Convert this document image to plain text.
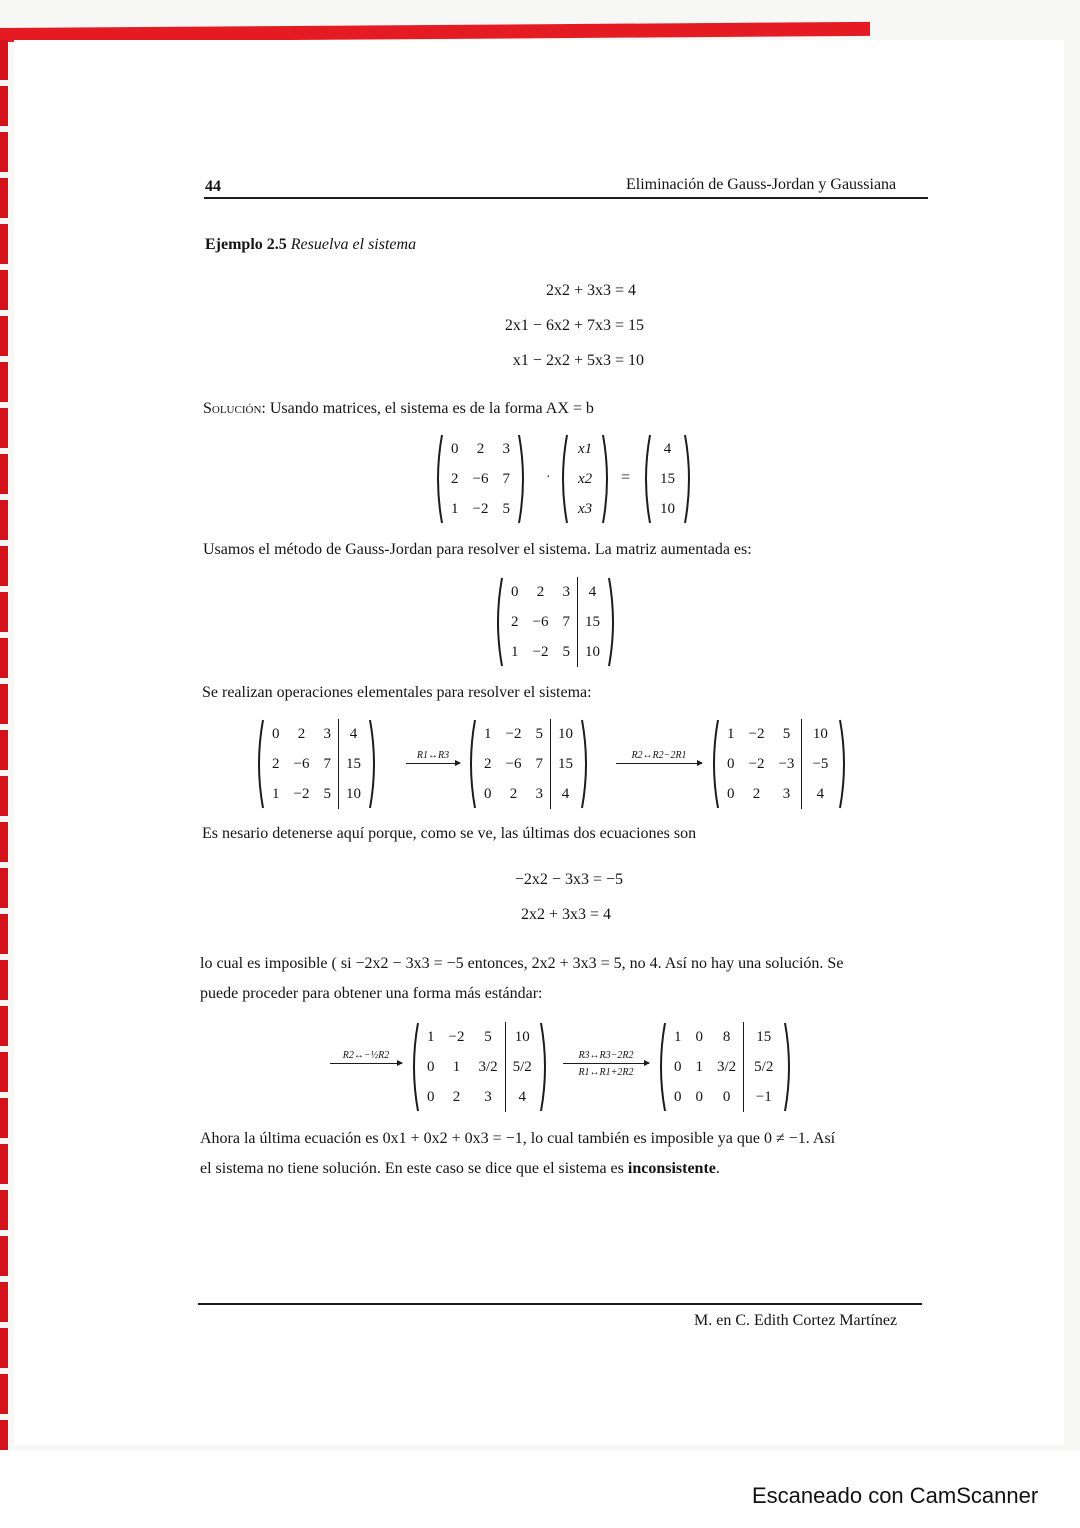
44	Eliminación de Gauss-Jordan y Gaussiana
Ejemplo 2.5 Resuelva el sistema
2x2 + 3x3 = 4
2x1 − 6x2 + 7x3 = 15
x1 − 2x2 + 5x3 = 10
Solución: Usando matrices, el sistema es de la forma AX = b
0	2	3
2	−6	7
1	−2	5
·
x1
x2
x3
=
4
15
10
Usamos el método de Gauss-Jordan para resolver el sistema. La matriz aumentada es:
0	2	3	4
2	−6	7	15
1	−2	5	10
Se realizan operaciones elementales para resolver el sistema:
0	2	3	4
2	−6	7	15
1	−2	5	10
R1↔R3
1	−2	5	10
2	−6	7	15
0	2	3	4
R2↔R2−2R1
1	−2	5	10
0	−2	−3	−5
0	2	3	4
Es nesario detenerse aquí porque, como se ve, las últimas dos ecuaciones son
−2x2 − 3x3 = −5
2x2 + 3x3 = 4
lo cual es imposible ( si −2x2 − 3x3 = −5 entonces, 2x2 + 3x3 = 5, no 4. Así no hay una solución. Se
puede proceder para obtener una forma más estándar:
R2↔−½R2
1	−2	5	10
0	1	3/2	5/2
0	2	3	4
R3↔R3−2R2
R1↔R1+2R2
1	0	8	15
0	1	3/2	5/2
0	0	0	−1
Ahora la última ecuación es 0x1 + 0x2 + 0x3 = −1, lo cual también es imposible ya que 0 ≠ −1. Así
el sistema no tiene solución. En este caso se dice que el sistema es inconsistente.
M. en C. Edith Cortez Martínez
Escaneado con CamScanner
